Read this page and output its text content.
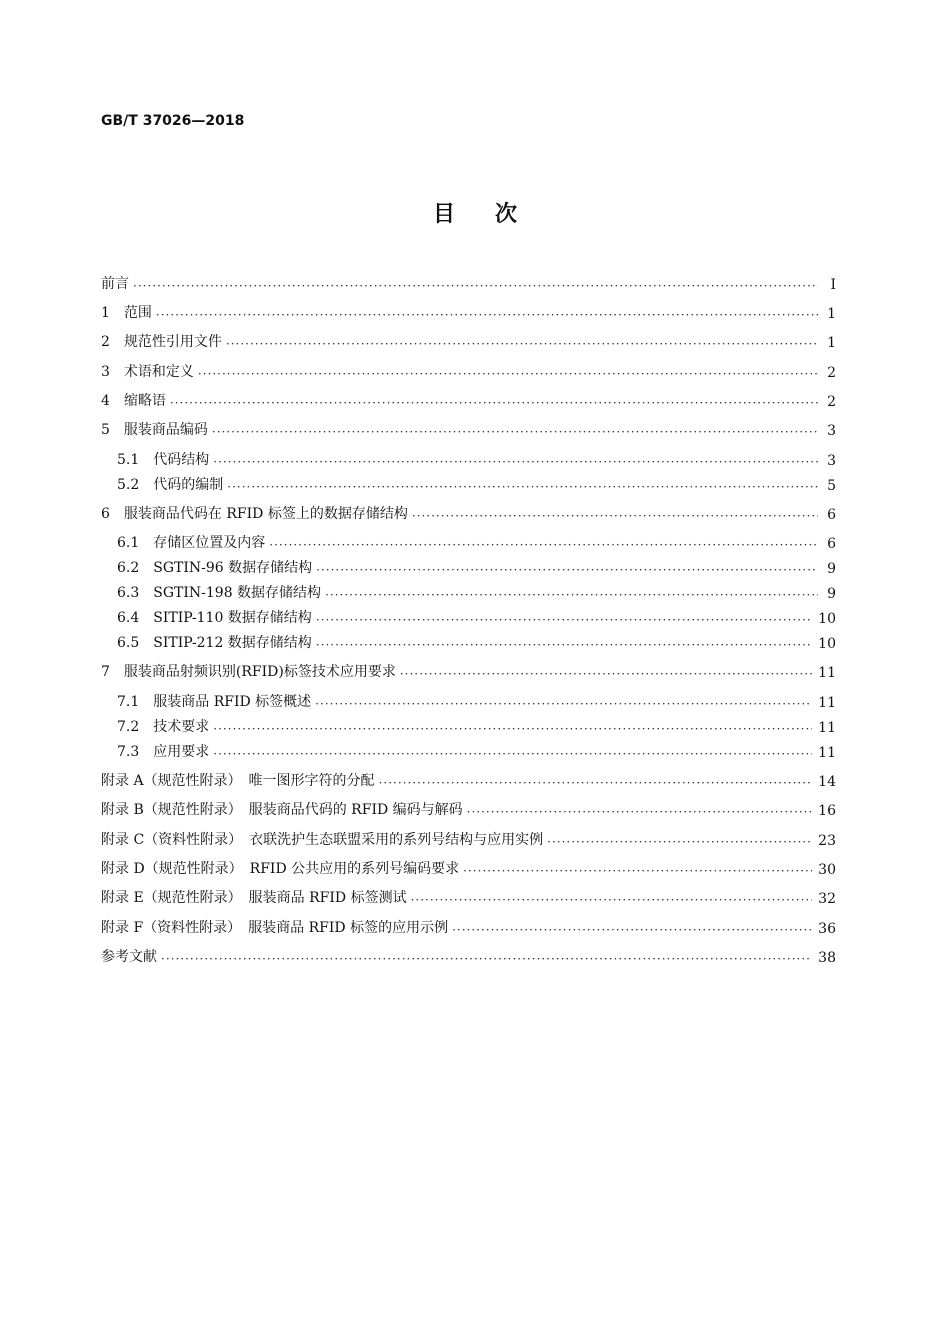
GB/T 37026—2018
目次
前言 ·····	Ⅰ
1　范围 ·····	1
2　规范性引用文件 ·····	1
3　术语和定义 ·····	2
4　缩略语 ·····	2
5　服装商品编码 ·····	3
5.1　代码结构 ·····	3
5.2　代码的编制 ·····	5
6　服装商品代码在 RFID 标签上的数据存储结构 ·····	6
6.1　存储区位置及内容 ·····	6
6.2　SGTIN-96 数据存储结构 ·····	9
6.3　SGTIN-198 数据存储结构 ·····	9
6.4　SITIP-110 数据存储结构 ·····	10
6.5　SITIP-212 数据存储结构 ·····	10
7　服装商品射频识别(RFID)标签技术应用要求 ·····	11
7.1　服装商品 RFID 标签概述 ·····	11
7.2　技术要求 ·····	11
7.3　应用要求 ·····	11
附录 A（规范性附录）　唯一图形字符的分配 ·····	14
附录 B（规范性附录）　服装商品代码的 RFID 编码与解码 ·····	16
附录 C（资料性附录）　衣联洗护生态联盟采用的系列号结构与应用实例 ·····	23
附录 D（规范性附录）　RFID 公共应用的系列号编码要求 ·····	30
附录 E（规范性附录）　服装商品 RFID 标签测试 ·····	32
附录 F（资料性附录）　服装商品 RFID 标签的应用示例 ·····	36
参考文献 ·····	38
